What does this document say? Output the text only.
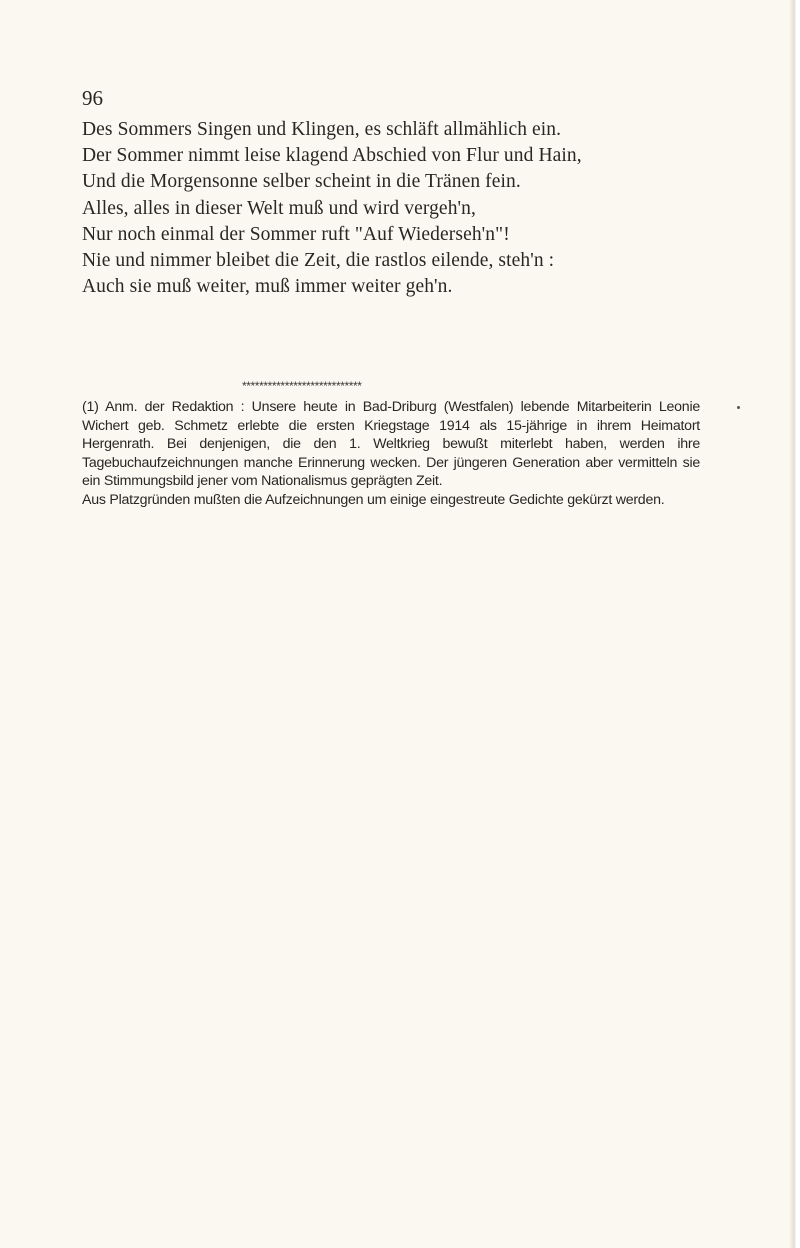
96
Des Sommers Singen und Klingen, es schläft allmählich ein.
Der Sommer nimmt leise klagend Abschied von Flur und Hain,
Und die Morgensonne selber scheint in die Tränen fein.
Alles, alles in dieser Welt muß und wird vergeh'n,
Nur noch einmal der Sommer ruft "Auf Wiederseh'n"!
Nie und nimmer bleibet die Zeit, die rastlos eilende, steh'n :
Auch sie muß weiter, muß immer weiter geh'n.
****************************

(1) Anm. der Redaktion : Unsere heute in Bad-Driburg (Westfalen) lebende Mitarbeiterin Leonie Wichert geb. Schmetz erlebte die ersten Kriegstage 1914 als 15-jährige in ihrem Heimatort Hergenrath. Bei denjenigen, die den 1. Weltkrieg bewußt miterlebt haben, werden ihre Tagebuchaufzeichnungen manche Erinnerung wecken. Der jüngeren Generation aber vermitteln sie ein Stimmungsbild jener vom Nationalismus geprägten Zeit.

Aus Platzgründen mußten die Aufzeichnungen um einige eingestreute Gedichte gekürzt werden.
